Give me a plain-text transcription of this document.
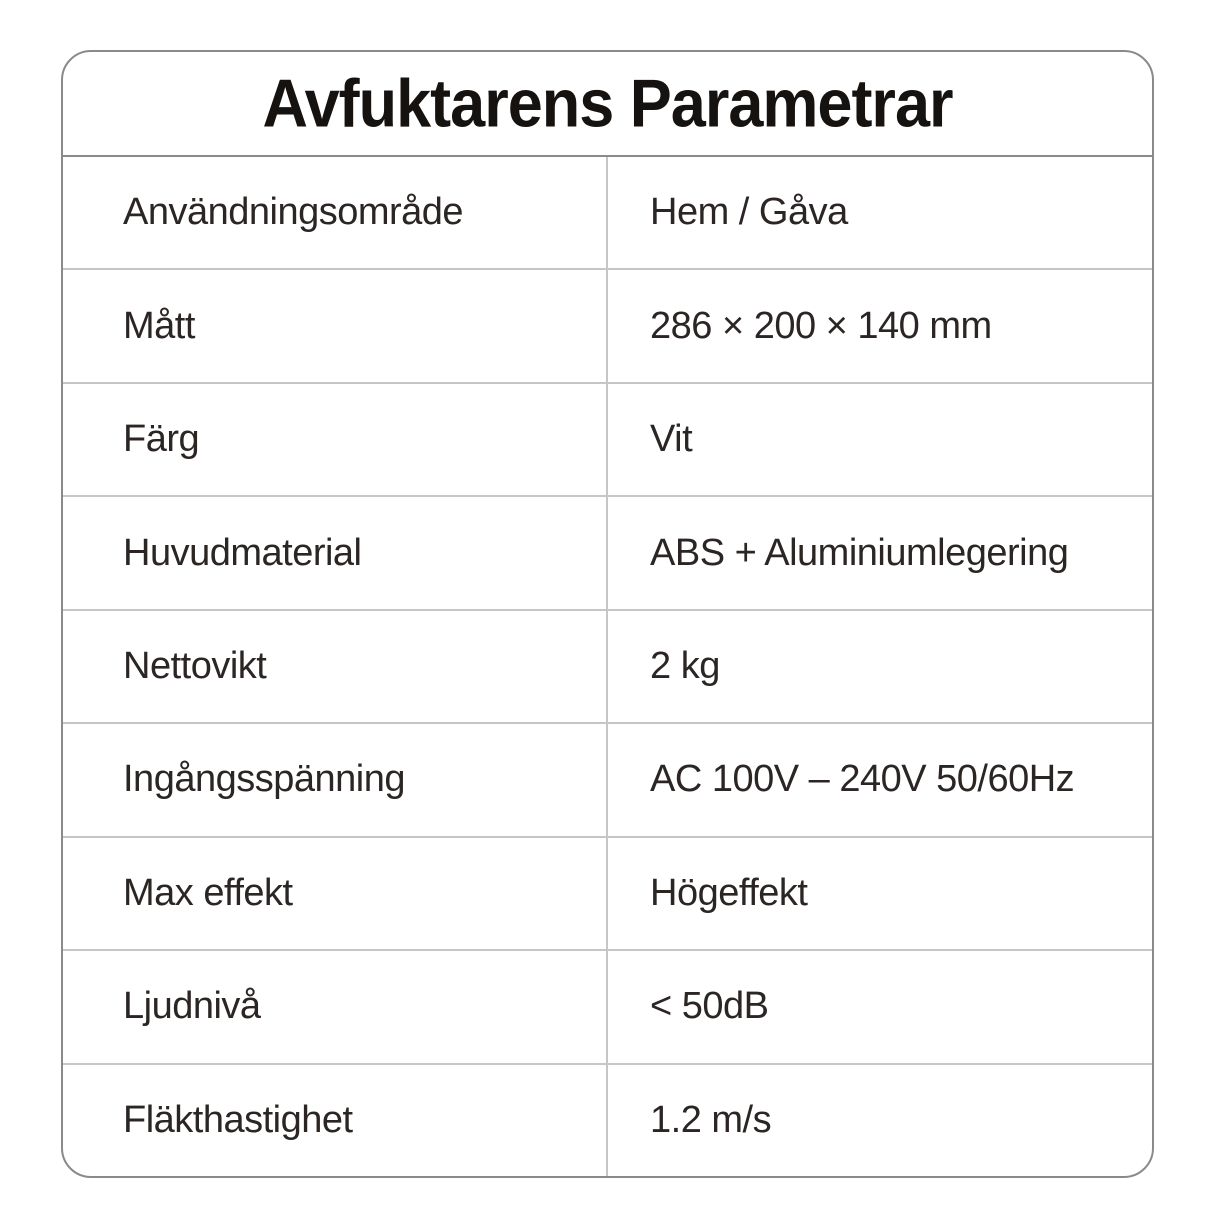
Avfuktarens Parametrar
Användningsområde	Hem / Gåva
Mått	286 × 200 × 140 mm
Färg	Vit
Huvudmaterial	ABS + Aluminiumlegering
Nettovikt	2 kg
Ingångsspänning	AC 100V – 240V 50/60Hz
Max effekt	Högeffekt
Ljudnivå	< 50dB
Fläkthastighet	1.2 m/s
